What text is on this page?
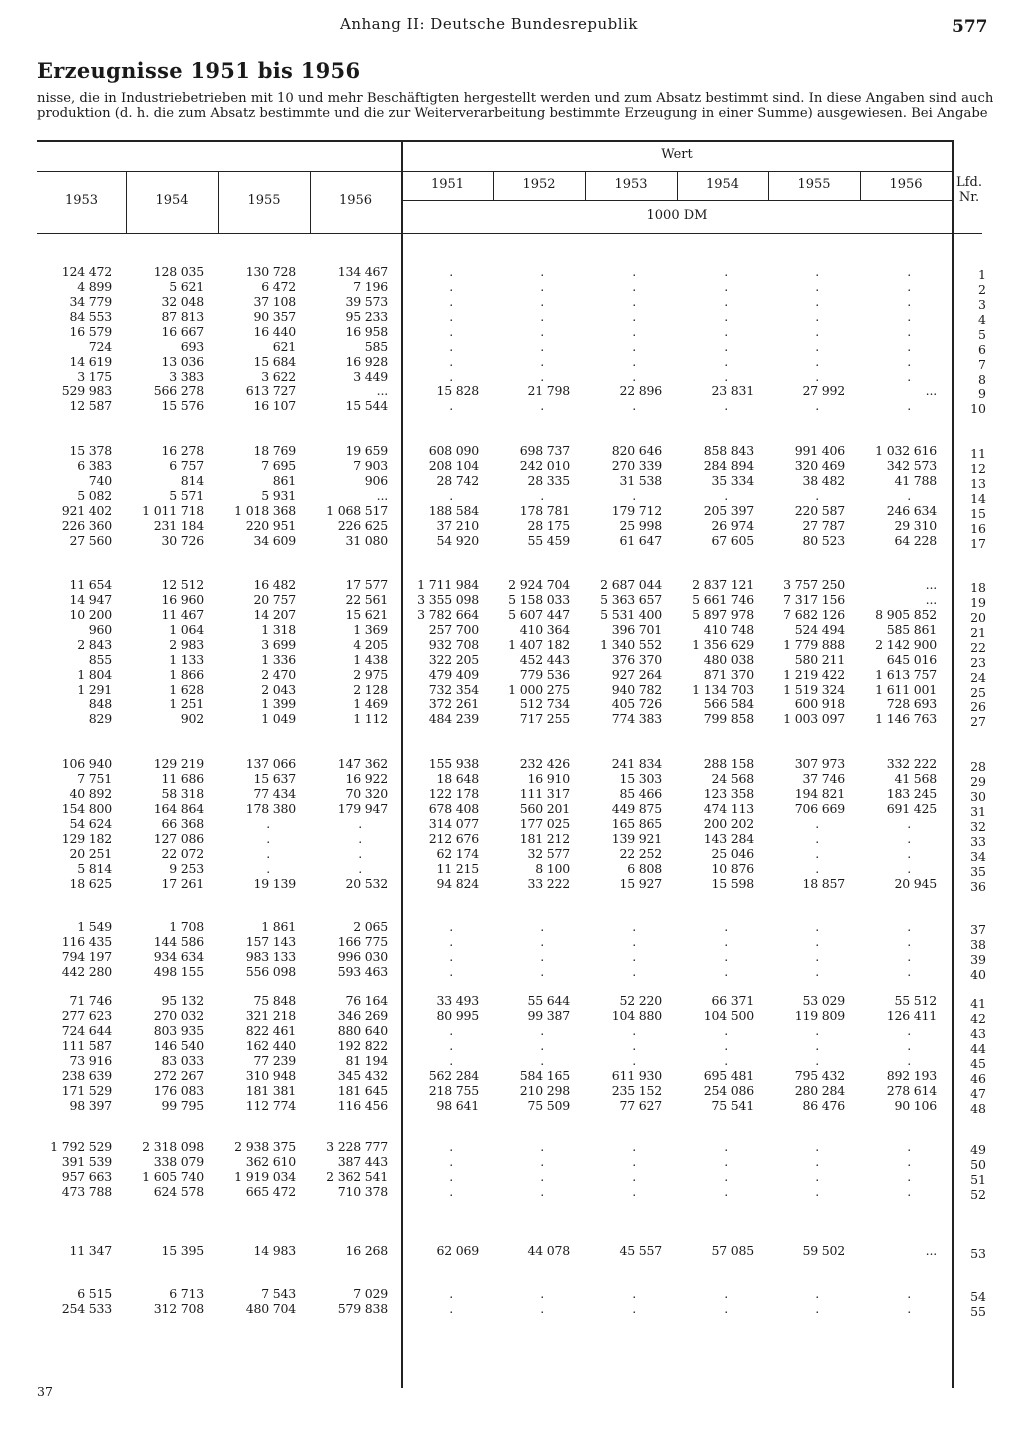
Anhang II: Deutsche Bundesrepublik	577
Erzeugnisse 1951 bis 1956
nisse, die in Industriebetrieben mit 10 und mehr Beschäftigten hergestellt werden und zum Absatz bestimmt sind. In diese Angaben sind auch
produktion (d. h. die zum Absatz bestimmte und die zur Weiterverarbeitung bestimmte Erzeugung in einer Summe) ausgewiesen. Bei Angabe
1953	1954	1955	1956
Wert
1951	1952	1953	1954	1955	1956
1000 DM
Lfd. Nr.
124 472	128 035	130 728	134 467	.	.	.	.	.	.	1
4 899	5 621	6 472	7 196	.	.	.	.	.	.	2
34 779	32 048	37 108	39 573	.	.	.	.	.	.	3
84 553	87 813	90 357	95 233	.	.	.	.	.	.	4
16 579	16 667	16 440	16 958	.	.	.	.	.	.	5
724	693	621	585	.	.	.	.	.	.	6
14 619	13 036	15 684	16 928	.	.	.	.	.	.	7
3 175	3 383	3 622	3 449	.	.	.	.	.	.	8
529 983	566 278	613 727	...	15 828	21 798	22 896	23 831	27 992	...	9
12 587	15 576	16 107	15 544	.	.	.	.	.	.	10
15 378	16 278	18 769	19 659	608 090	698 737	820 646	858 843	991 406	1 032 616	11
6 383	6 757	7 695	7 903	208 104	242 010	270 339	284 894	320 469	342 573	12
740	814	861	906	28 742	28 335	31 538	35 334	38 482	41 788	13
5 082	5 571	5 931	...	.	.	.	.	.	.	14
921 402	1 011 718	1 018 368	1 068 517	188 584	178 781	179 712	205 397	220 587	246 634	15
226 360	231 184	220 951	226 625	37 210	28 175	25 998	26 974	27 787	29 310	16
27 560	30 726	34 609	31 080	54 920	55 459	61 647	67 605	80 523	64 228	17
11 654	12 512	16 482	17 577	1 711 984	2 924 704	2 687 044	2 837 121	3 757 250	...	18
14 947	16 960	20 757	22 561	3 355 098	5 158 033	5 363 657	5 661 746	7 317 156	...	19
10 200	11 467	14 207	15 621	3 782 664	5 607 447	5 531 400	5 897 978	7 682 126	8 905 852	20
960	1 064	1 318	1 369	257 700	410 364	396 701	410 748	524 494	585 861	21
2 843	2 983	3 699	4 205	932 708	1 407 182	1 340 552	1 356 629	1 779 888	2 142 900	22
855	1 133	1 336	1 438	322 205	452 443	376 370	480 038	580 211	645 016	23
1 804	1 866	2 470	2 975	479 409	779 536	927 264	871 370	1 219 422	1 613 757	24
1 291	1 628	2 043	2 128	732 354	1 000 275	940 782	1 134 703	1 519 324	1 611 001	25
848	1 251	1 399	1 469	372 261	512 734	405 726	566 584	600 918	728 693	26
829	902	1 049	1 112	484 239	717 255	774 383	799 858	1 003 097	1 146 763	27
106 940	129 219	137 066	147 362	155 938	232 426	241 834	288 158	307 973	332 222	28
7 751	11 686	15 637	16 922	18 648	16 910	15 303	24 568	37 746	41 568	29
40 892	58 318	77 434	70 320	122 178	111 317	85 466	123 358	194 821	183 245	30
154 800	164 864	178 380	179 947	678 408	560 201	449 875	474 113	706 669	691 425	31
54 624	66 368	.	.	314 077	177 025	165 865	200 202	.	.	32
129 182	127 086	.	.	212 676	181 212	139 921	143 284	.	.	33
20 251	22 072	.	.	62 174	32 577	22 252	25 046	.	.	34
5 814	9 253	.	.	11 215	8 100	6 808	10 876	.	.	35
18 625	17 261	19 139	20 532	94 824	33 222	15 927	15 598	18 857	20 945	36
1 549	1 708	1 861	2 065	.	.	.	.	.	.	37
116 435	144 586	157 143	166 775	.	.	.	.	.	.	38
794 197	934 634	983 133	996 030	.	.	.	.	.	.	39
442 280	498 155	556 098	593 463	.	.	.	.	.	.	40
71 746	95 132	75 848	76 164	33 493	55 644	52 220	66 371	53 029	55 512	41
277 623	270 032	321 218	346 269	80 995	99 387	104 880	104 500	119 809	126 411	42
724 644	803 935	822 461	880 640	.	.	.	.	.	.	43
111 587	146 540	162 440	192 822	.	.	.	.	.	.	44
73 916	83 033	77 239	81 194	.	.	.	.	.	.	45
238 639	272 267	310 948	345 432	562 284	584 165	611 930	695 481	795 432	892 193	46
171 529	176 083	181 381	181 645	218 755	210 298	235 152	254 086	280 284	278 614	47
98 397	99 795	112 774	116 456	98 641	75 509	77 627	75 541	86 476	90 106	48
1 792 529	2 318 098	2 938 375	3 228 777	.	.	.	.	.	.	49
391 539	338 079	362 610	387 443	.	.	.	.	.	.	50
957 663	1 605 740	1 919 034	2 362 541	.	.	.	.	.	.	51
473 788	624 578	665 472	710 378	.	.	.	.	.	.	52
11 347	15 395	14 983	16 268	62 069	44 078	45 557	57 085	59 502	...	53
6 515	6 713	7 543	7 029	.	.	.	.	.	.	54
254 533	312 708	480 704	579 838	.	.	.	.	.	.	55
37
